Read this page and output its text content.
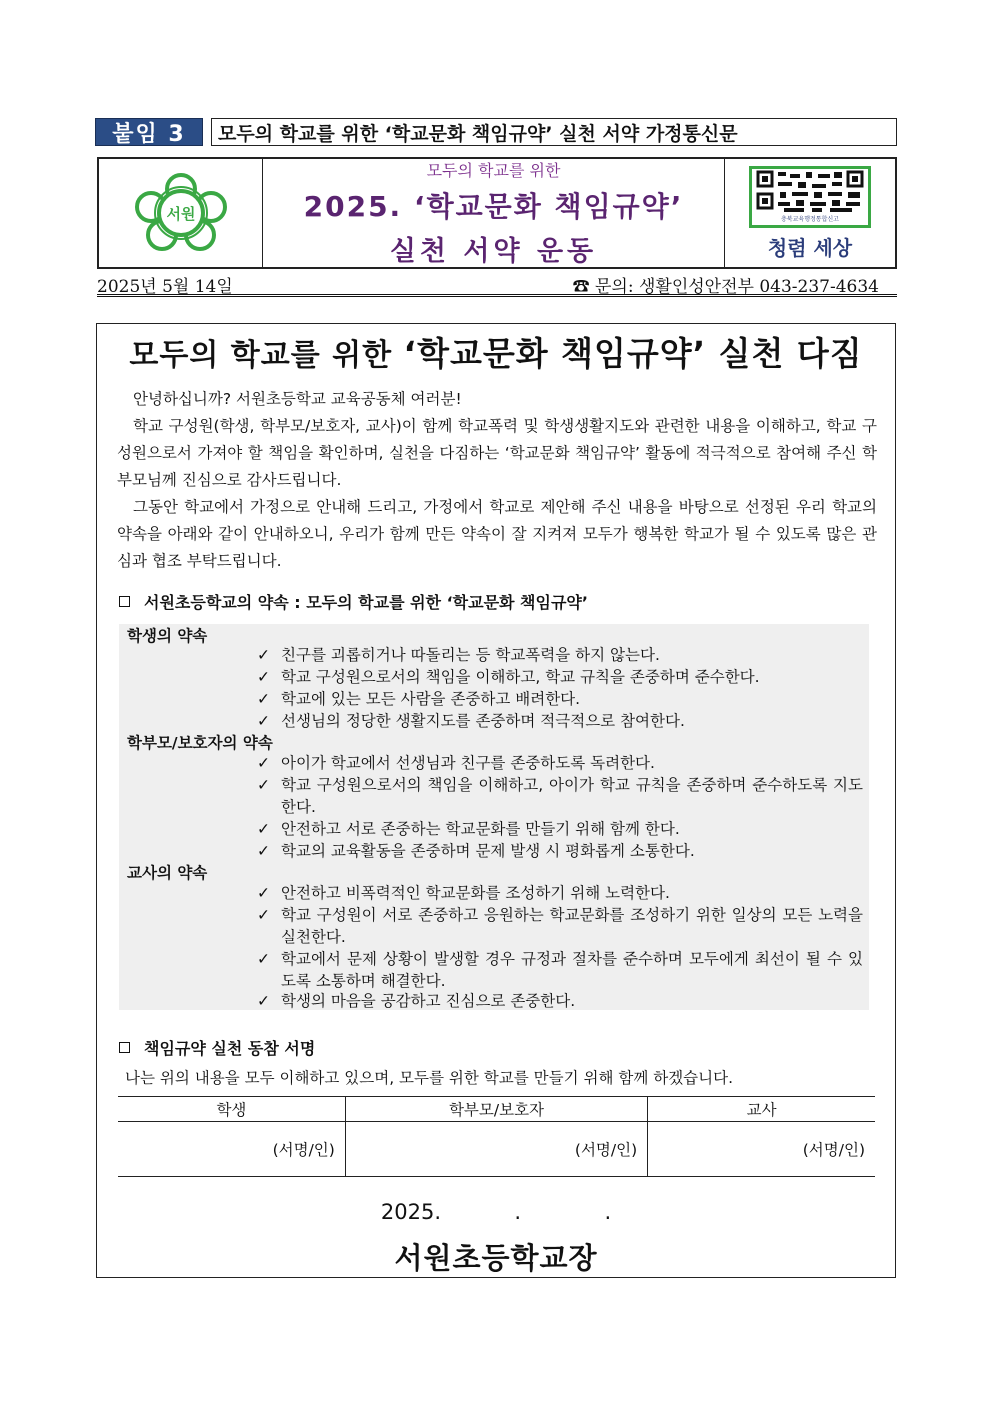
붙임 3	모두의 학교를 위한 ‘학교문화 책임규약’ 실천 서약 가정통신문
서원
모두의 학교를 위한
2025. ‘학교문화 책임규약’
실천 서약 운동
충북교육행정통합신고
청렴 세상
2025년 5월 14일	☎ 문의: 생활인성안전부 043-237-4634
모두의 학교를 위한 ‘학교문화 책임규약’ 실천 다짐

안녕하십니까? 서원초등학교 교육공동체 여러분!

학교 구성원(학생, 학부모/보호자, 교사)이 함께 학교폭력 및 학생생활지도와 관련한 내용을 이해하고, 학교 구성원으로서 가져야 할 책임을 확인하며, 실천을 다짐하는 ‘학교문화 책임규약’ 활동에 적극적으로 참여해 주신 학부모님께 진심으로 감사드립니다.

그동안 학교에서 가정으로 안내해 드리고, 가정에서 학교로 제안해 주신 내용을 바탕으로 선정된 우리 학교의 약속을 아래와 같이 안내하오니, 우리가 함께 만든 약속이 잘 지켜져 모두가 행복한 학교가 될 수 있도록 많은 관심과 협조 부탁드립니다.

서원초등학교의 약속 : 모두의 학교를 위한 ‘학교문화 책임규약’
학생의 약속
✓ 친구를 괴롭히거나 따돌리는 등 학교폭력을 하지 않는다.
✓ 학교 구성원으로서의 책임을 이해하고, 학교 규칙을 존중하며 준수한다.
✓ 학교에 있는 모든 사람을 존중하고 배려한다.
✓ 선생님의 정당한 생활지도를 존중하며 적극적으로 참여한다.
학부모/보호자의 약속
✓ 아이가 학교에서 선생님과 친구를 존중하도록 독려한다.
✓ 학교 구성원으로서의 책임을 이해하고, 아이가 학교 규칙을 존중하며 준수하도록 지도한다.
✓ 안전하고 서로 존중하는 학교문화를 만들기 위해 함께 한다.
✓ 학교의 교육활동을 존중하며 문제 발생 시 평화롭게 소통한다.
교사의 약속
✓ 안전하고 비폭력적인 학교문화를 조성하기 위해 노력한다.
✓ 학교 구성원이 서로 존중하고 응원하는 학교문화를 조성하기 위한 일상의 모든 노력을 실천한다.
✓ 학교에서 문제 상황이 발생할 경우 규정과 절차를 준수하며 모두에게 최선이 될 수 있도록 소통하며 해결한다.
✓ 학생의 마음을 공감하고 진심으로 존중한다.
책임규약 실천 동참 서명
나는 위의 내용을 모두 이해하고 있으며, 모두를 위한 학교를 만들기 위해 함께 하겠습니다.
학생	학부모/보호자	교사
(서명/인)	(서명/인)	(서명/인)
2025.	.	.
서원초등학교장
